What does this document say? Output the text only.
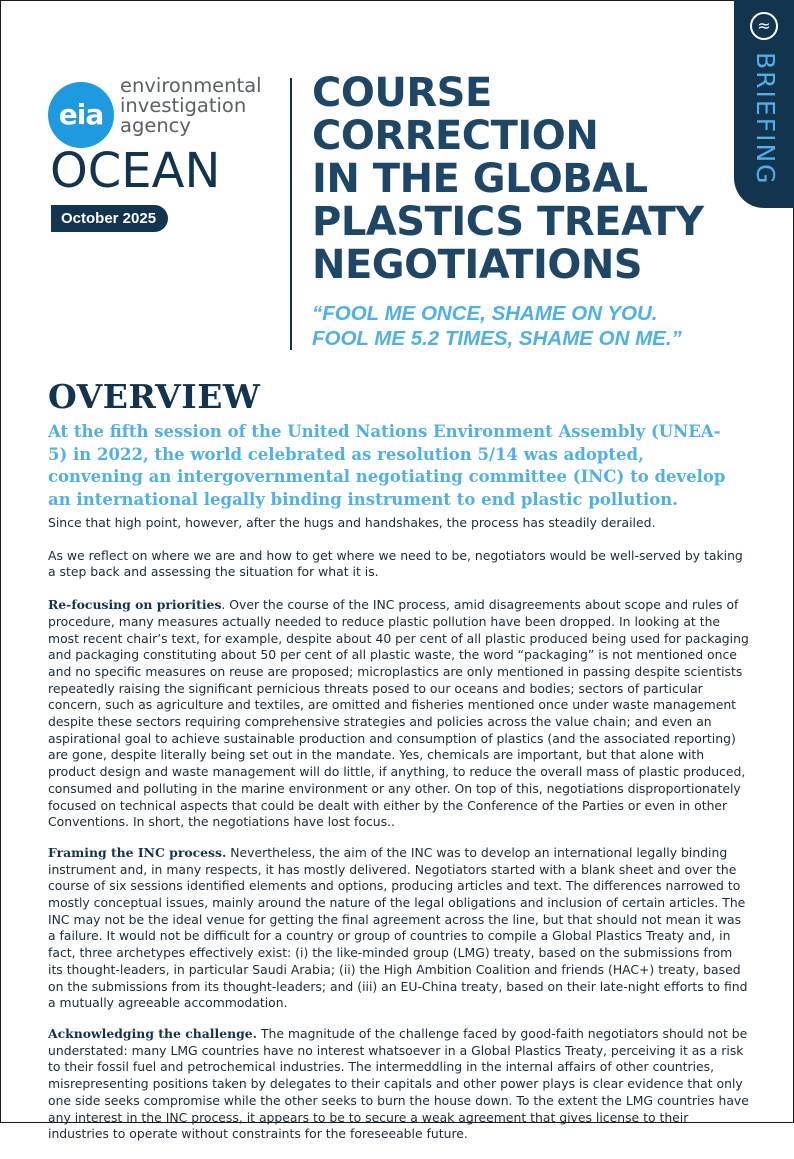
eia
environmental
investigation
agency
OCEAN
October 2025
COURSE
CORRECTION
IN THE GLOBAL
PLASTICS TREATY
NEGOTIATIONS

“FOOL ME ONCE, SHAME ON YOU.
FOOL ME 5.2 TIMES, SHAME ON ME.”

≈
BRIEFING
OVERVIEW

At the fifth session of the United Nations Environment Assembly (UNEA-5) in 2022, the world celebrated as resolution 5/14 was adopted, convening an intergovernmental negotiating committee (INC) to develop an international legally binding instrument to end plastic pollution.

Since that high point, however, after the hugs and handshakes, the process has steadily derailed.

As we reflect on where we are and how to get where we need to be, negotiators would be well-served by taking a step back and assessing the situation for what it is.

Re-focusing on priorities. Over the course of the INC process, amid disagreements about scope and rules of procedure, many measures actually needed to reduce plastic pollution have been dropped. In looking at the most recent chair’s text, for example, despite about 40 per cent of all plastic produced being used for packaging and packaging constituting about 50 per cent of all plastic waste, the word “packaging” is not mentioned once and no specific measures on reuse are proposed; microplastics are only mentioned in passing despite scientists repeatedly raising the significant pernicious threats posed to our oceans and bodies; sectors of particular concern, such as agriculture and textiles, are omitted and fisheries mentioned once under waste management despite these sectors requiring comprehensive strategies and policies across the value chain; and even an aspirational goal to achieve sustainable production and consumption of plastics (and the associated reporting) are gone, despite literally being set out in the mandate. Yes, chemicals are important, but that alone with product design and waste management will do little, if anything, to reduce the overall mass of plastic produced, consumed and polluting in the marine environment or any other. On top of this, negotiations disproportionately focused on technical aspects that could be dealt with either by the Conference of the Parties or even in other Conventions. In short, the negotiations have lost focus..

Framing the INC process. Nevertheless, the aim of the INC was to develop an international legally binding instrument and, in many respects, it has mostly delivered. Negotiators started with a blank sheet and over the course of six sessions identified elements and options, producing articles and text. The differences narrowed to mostly conceptual issues, mainly around the nature of the legal obligations and inclusion of certain articles. The INC may not be the ideal venue for getting the final agreement across the line, but that should not mean it was a failure. It would not be difficult for a country or group of countries to compile a Global Plastics Treaty and, in fact, three archetypes effectively exist: (i) the like-minded group (LMG) treaty, based on the submissions from its thought-leaders, in particular Saudi Arabia; (ii) the High Ambition Coalition and friends (HAC+) treaty, based on the submissions from its thought-leaders; and (iii) an EU-China treaty, based on their late-night efforts to find a mutually agreeable accommodation.

Acknowledging the challenge. The magnitude of the challenge faced by good-faith negotiators should not be understated: many LMG countries have no interest whatsoever in a Global Plastics Treaty, perceiving it as a risk to their fossil fuel and petrochemical industries. The intermeddling in the internal affairs of other countries, misrepresenting positions taken by delegates to their capitals and other power plays is clear evidence that only one side seeks compromise while the other seeks to burn the house down. To the extent the LMG countries have any interest in the INC process, it appears to be to secure a weak agreement that gives license to their industries to operate without constraints for the foreseeable future.
